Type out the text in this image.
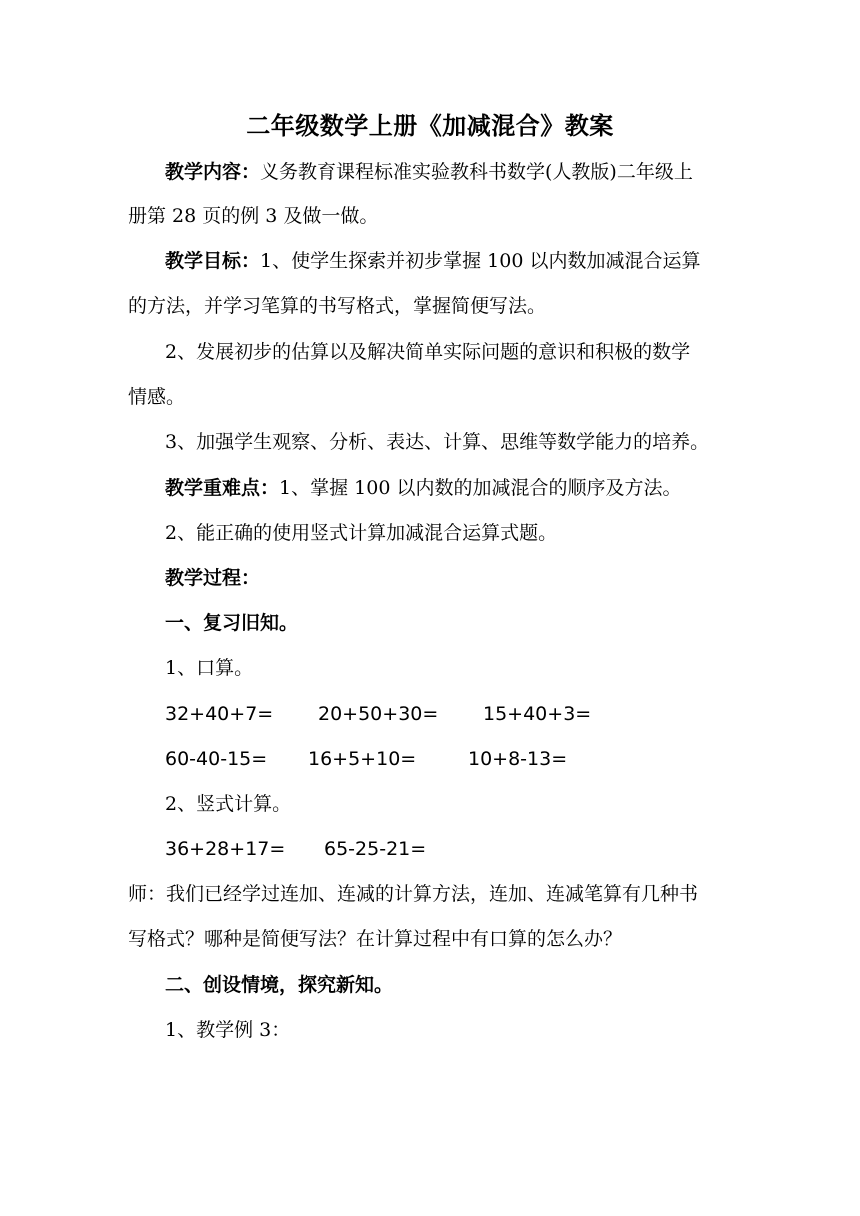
二年级数学上册《加减混合》教案
教学内容：义务教育课程标准实验教科书数学(人教版)二年级上
册第 28 页的例 3 及做一做。
教学目标：1、使学生探索并初步掌握 100 以内数加减混合运算
的方法，并学习笔算的书写格式，掌握简便写法。
2、发展初步的估算以及解决简单实际问题的意识和积极的数学
情感。
3、加强学生观察、分析、表达、计算、思维等数学能力的培养。
教学重难点：1、掌握 100 以内数的加减混合的顺序及方法。
2、能正确的使用竖式计算加减混合运算式题。
教学过程：
一、复习旧知。
1、口算。
32+40+7= 20+50+30= 15+40+3=
60-40-15= 16+5+10=	10+8-13=
2、竖式计算。
36+28+17= 65-25-21=
师：我们已经学过连加、连减的计算方法，连加、连减笔算有几种书
写格式？哪种是简便写法？在计算过程中有口算的怎么办？
二、创设情境，探究新知。
1、教学例 3：
